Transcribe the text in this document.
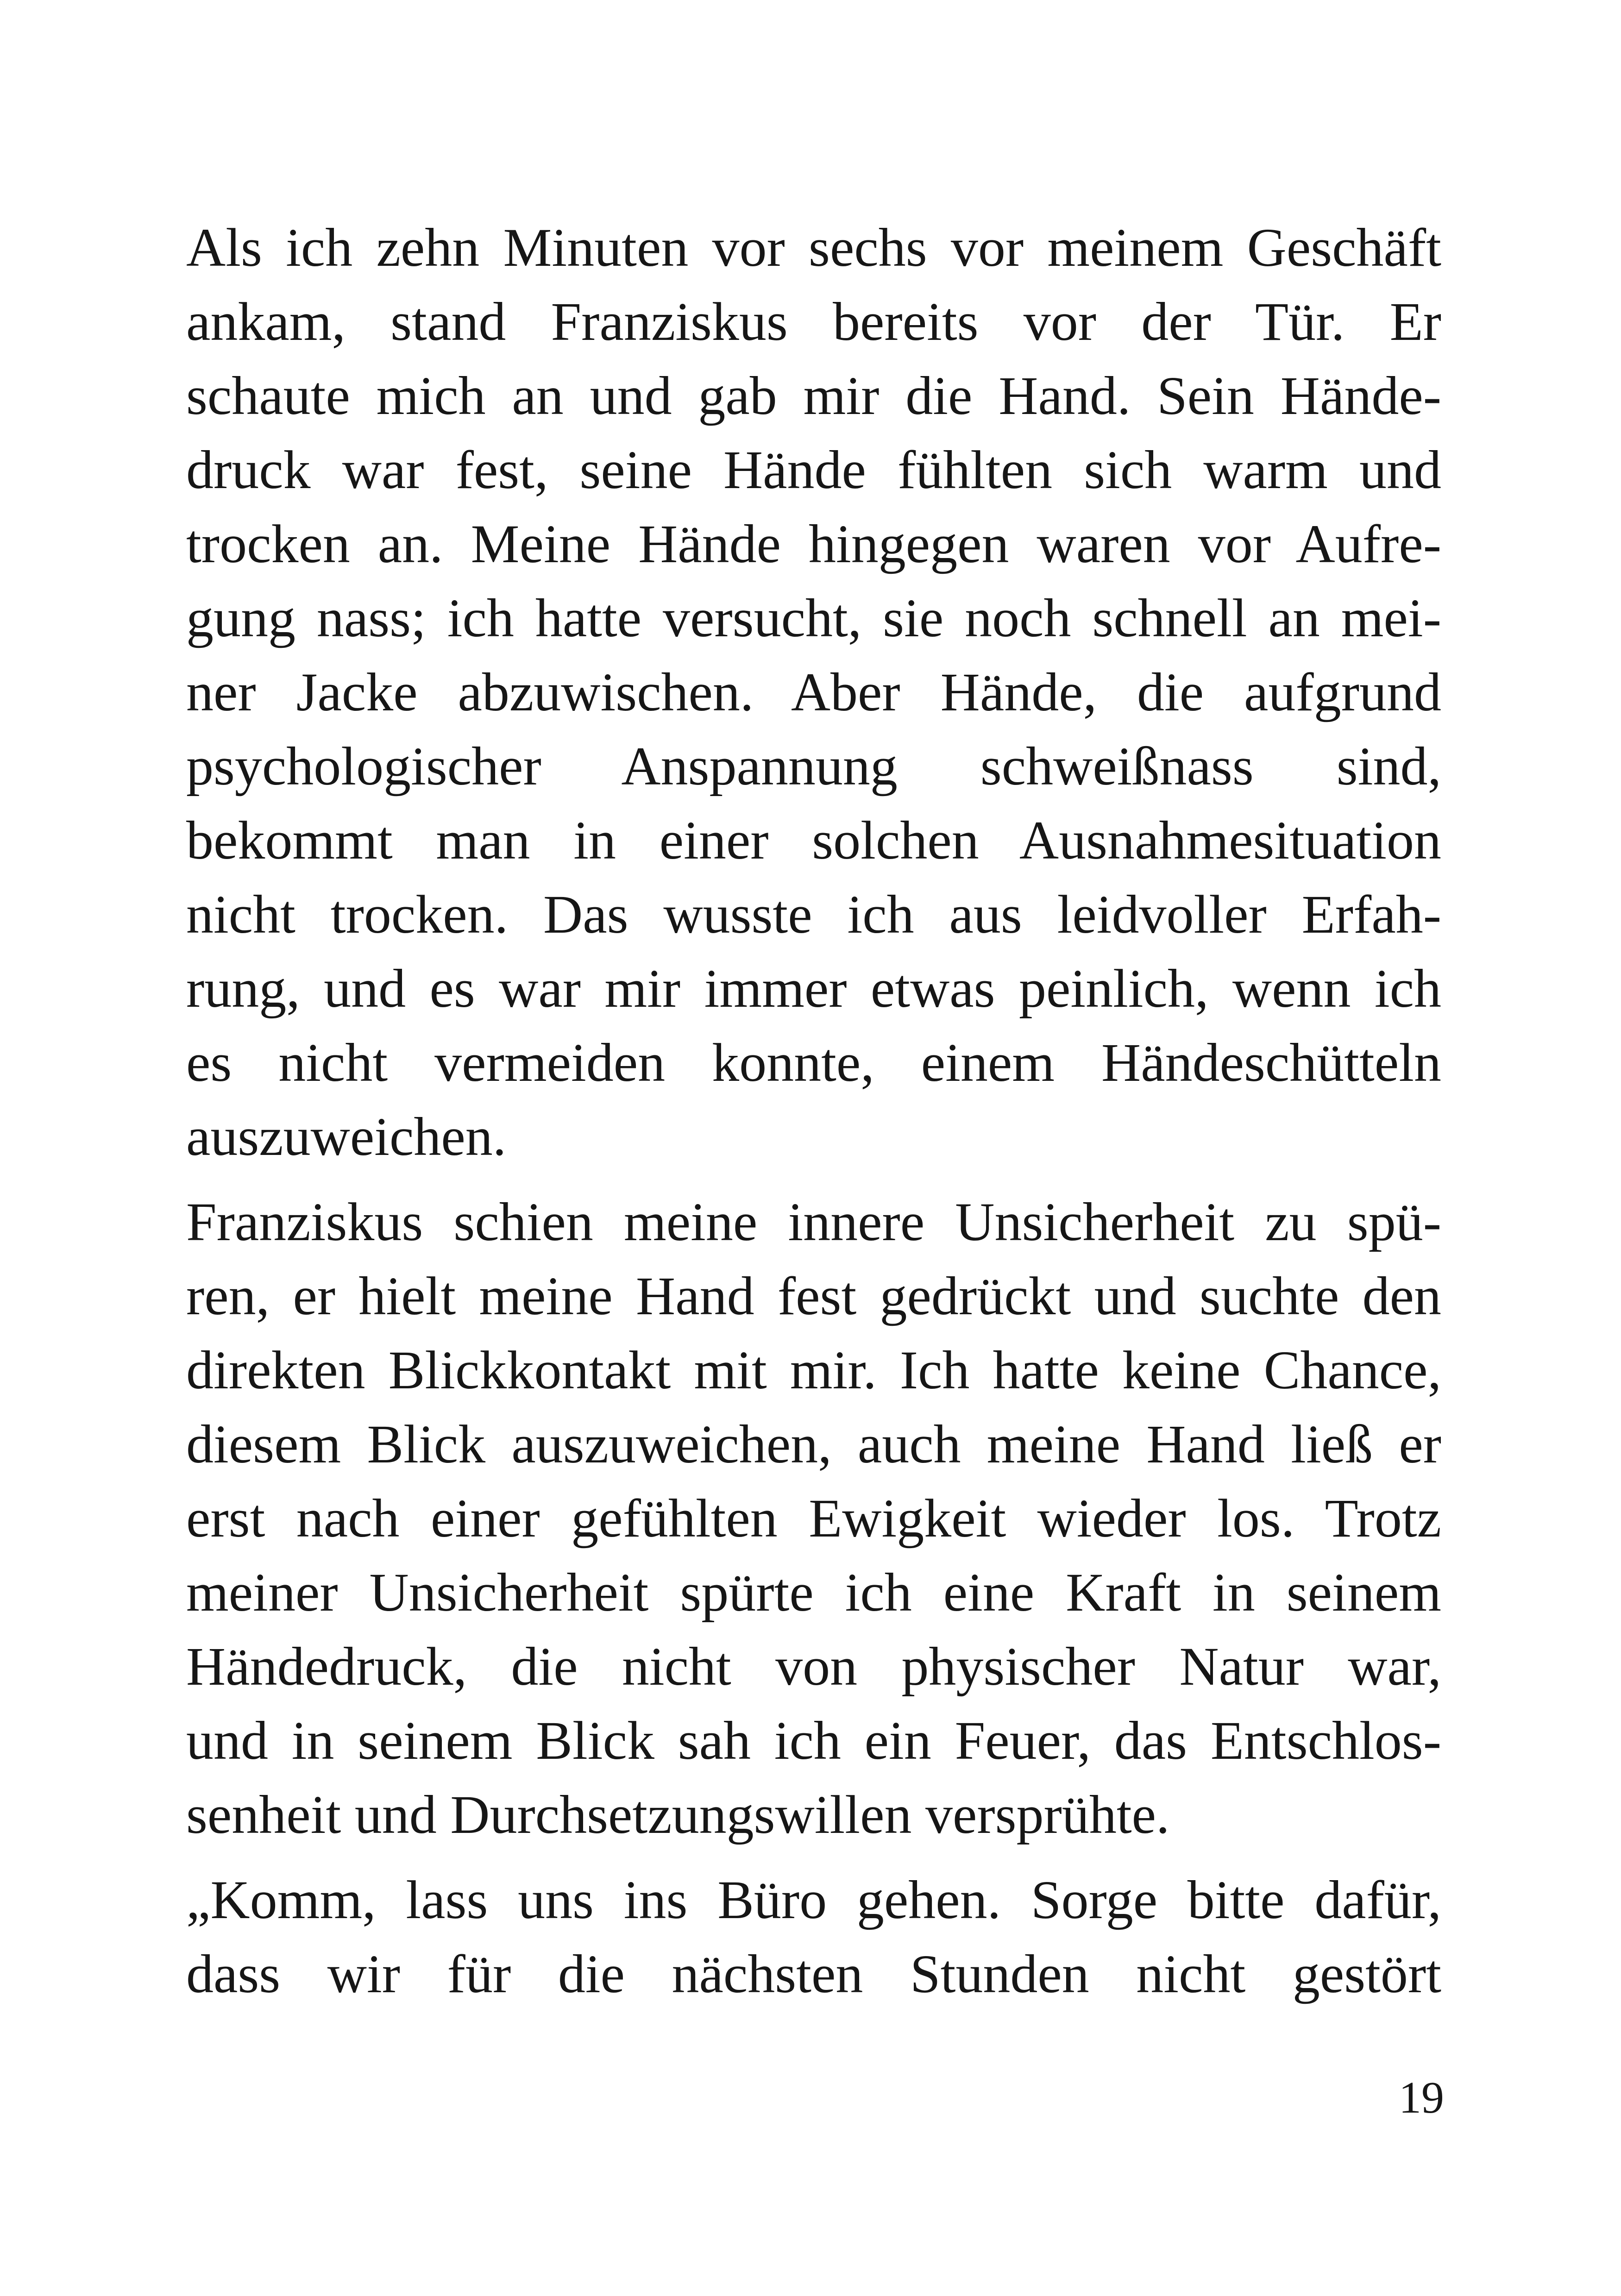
Als ich zehn Minuten vor sechs vor meinem Geschäft
ankam, stand Franziskus bereits vor der Tür. Er
schaute mich an und gab mir die Hand. Sein Hände-
druck war fest, seine Hände fühlten sich warm und
trocken an. Meine Hände hingegen waren vor Aufre-
gung nass; ich hatte versucht, sie noch schnell an mei-
ner Jacke abzuwischen. Aber Hände, die aufgrund
psychologischer Anspannung schweißnass sind,
bekommt man in einer solchen Ausnahmesituation
nicht trocken. Das wusste ich aus leidvoller Erfah-
rung, und es war mir immer etwas peinlich, wenn ich
es nicht vermeiden konnte, einem Händeschütteln
auszuweichen.
Franziskus schien meine innere Unsicherheit zu spü-
ren, er hielt meine Hand fest gedrückt und suchte den
direkten Blickkontakt mit mir. Ich hatte keine Chance,
diesem Blick auszuweichen, auch meine Hand ließ er
erst nach einer gefühlten Ewigkeit wieder los. Trotz
meiner Unsicherheit spürte ich eine Kraft in seinem
Händedruck, die nicht von physischer Natur war,
und in seinem Blick sah ich ein Feuer, das Entschlos-
senheit und Durchsetzungswillen versprühte.
„Komm, lass uns ins Büro gehen. Sorge bitte dafür,
dass wir für die nächsten Stunden nicht gestört
19
